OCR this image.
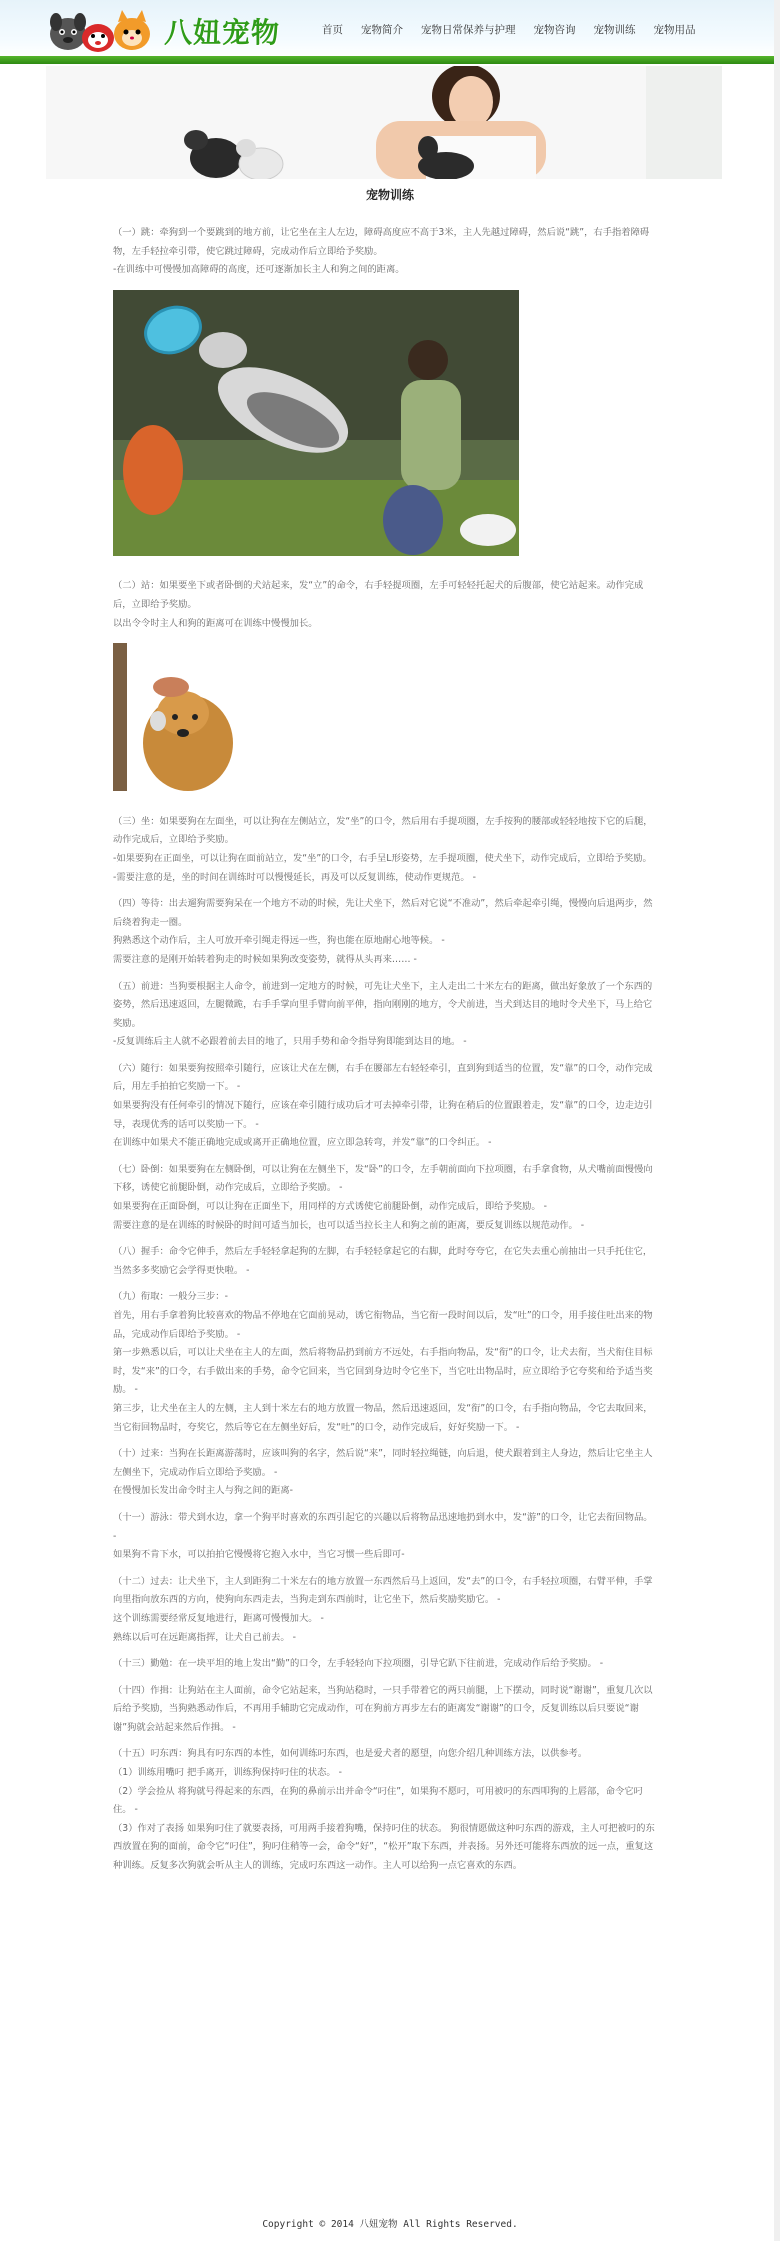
八妞宠物	首页 宠物简介 宠物日常保养与护理 宠物咨询 宠物训练 宠物用品
宠物训练

（一）跳：牵狗到一个要跳到的地方前，让它坐在主人左边，障碍高度应不高于3米，主人先越过障碍，然后说“跳”，右手指着障碍物，左手轻拉牵引带，使它跳过障碍，完成动作后立即给予奖励。

-在训练中可慢慢加高障碍的高度，还可逐渐加长主人和狗之间的距离。

（二）站：如果要坐下或者卧倒的犬站起来，发“立”的命令，右手轻提项圈，左手可轻轻托起犬的后腹部，使它站起来。动作完成后，立即给予奖励。

以出令令时主人和狗的距离可在训练中慢慢加长。

（三）坐：如果要狗在左面坐，可以让狗在左侧站立，发“坐”的口令，然后用右手提项圈，左手按狗的腰部或轻轻地按下它的后腿，动作完成后，立即给予奖励。

-如果要狗在正面坐，可以让狗在面前站立，发“坐”的口令，右手呈L形姿势，左手提项圈，使犬坐下，动作完成后，立即给予奖励。

-需要注意的是，坐的时间在训练时可以慢慢延长，再及可以反复训练，使动作更规范。 -

（四）等待：出去遛狗需要狗呆在一个地方不动的时候，先让犬坐下，然后对它说“不准动”，然后牵起牵引绳，慢慢向后退两步，然后绕着狗走一圈。

狗熟悉这个动作后，主人可放开牵引绳走得远一些，狗也能在原地耐心地等候。 -

需要注意的是刚开始转着狗走的时候如果狗改变姿势，就得从头再来…… -

（五）前进：当狗要根据主人命令，前进到一定地方的时候，可先让犬坐下，主人走出二十米左右的距离，做出好象放了一个东西的姿势，然后迅速返回，左腿微跪，右手手掌向里手臂向前平伸，指向刚刚的地方，令犬前进，当犬到达目的地时令犬坐下，马上给它奖励。

-反复训练后主人就不必跟着前去目的地了，只用手势和命令指导狗即能到达目的地。 -

（六）随行：如果要狗按照牵引随行，应该让犬在左侧，右手在腰部左右轻轻牵引，直到狗到适当的位置，发“靠”的口令，动作完成后，用左手拍拍它奖励一下。 -

如果要狗没有任何牵引的情况下随行，应该在牵引随行成功后才可去掉牵引带，让狗在稍后的位置跟着走，发“靠”的口令，边走边引导，表现优秀的话可以奖励一下。 -

在训练中如果犬不能正确地完成或离开正确地位置，应立即急转弯，并发“靠”的口令纠正。 -

（七）卧倒：如果要狗在左侧卧倒，可以让狗在左侧坐下，发“卧”的口令，左手朝前面向下拉项圈，右手拿食物，从犬嘴前面慢慢向下移，诱使它前腿卧倒，动作完成后，立即给予奖励。 -

如果要狗在正面卧倒，可以让狗在正面坐下，用同样的方式诱使它前腿卧倒，动作完成后，即给予奖励。 -

需要注意的是在训练的时候卧的时间可适当加长，也可以适当拉长主人和狗之前的距离，要反复训练以规范动作。 -

（八）握手：命令它伸手，然后左手轻轻拿起狗的左脚，右手轻轻拿起它的右脚，此时夸夸它，在它失去重心前抽出一只手托住它，当然多多奖励它会学得更快啦。 -

（九）衔取：一般分三步：-

首先，用右手拿着狗比较喜欢的物品不停地在它面前晃动，诱它衔物品，当它衔一段时间以后，发“吐”的口令，用手接住吐出来的物品，完成动作后即给予奖励。 -

第一步熟悉以后，可以让犬坐在主人的左面，然后将物品扔到前方不远处，右手指向物品，发“衔”的口令，让犬去衔，当犬衔住目标时，发“来”的口令，右手做出来的手势，命令它回来，当它回到身边时令它坐下，当它吐出物品时，应立即给予它夸奖和给予适当奖励。 -

第三步，让犬坐在主人的左侧，主人到十米左右的地方放置一物品，然后迅速返回，发“衔”的口令，右手指向物品，令它去取回来，当它衔回物品时，夸奖它，然后等它在左侧坐好后，发“吐”的口令，动作完成后，好好奖励一下。 -

（十）过来：当狗在长距离游荡时，应该叫狗的名字，然后说“来”，同时轻拉绳链，向后退，使犬跟着到主人身边，然后让它坐主人左侧坐下，完成动作后立即给予奖励。 -

在慢慢加长发出命令时主人与狗之间的距离-

（十一）游泳：带犬到水边，拿一个狗平时喜欢的东西引起它的兴趣以后将物品迅速地扔到水中，发“游”的口令，让它去衔回物品。 -

如果狗不肯下水，可以拍拍它慢慢将它抱入水中，当它习惯一些后即可-

（十二）过去：让犬坐下，主人到距狗二十米左右的地方放置一东西然后马上返回，发“去”的口令，右手轻拉项圈，右臂平伸，手掌向里指向放东西的方向，使狗向东西走去，当狗走到东西前时，让它坐下，然后奖励奖励它。 -

这个训练需要经常反复地进行，距离可慢慢加大。 -

熟练以后可在远距离指挥，让犬自己前去。 -

（十三）勤勉：在一块平坦的地上发出“勤”的口令，左手轻轻向下拉项圈，引导它趴下往前进，完成动作后给予奖励。 -

（十四）作揖：让狗站在主人面前，命令它站起来，当狗站稳时，一只手带着它的两只前腿，上下摆动，同时说“谢谢”，重复几次以后给予奖励，当狗熟悉动作后，不再用手辅助它完成动作，可在狗前方再步左右的距离发“谢谢”的口令，反复训练以后只要说“谢谢”狗就会站起来然后作揖。 -

（十五）叼东西：狗具有叼东西的本性，如何训练叼东西，也是爱犬者的愿望，向您介绍几种训练方法，以供参考。

（1）训练用嘴叼 把手离开，训练狗保持叼住的状态。 -

（2）学会捡从 将狗就号得起来的东西，在狗的鼻前示出并命令“叼住”，如果狗不愿叼，可用被叼的东西叩狗的上唇部，命令它叼住。 -

（3）作对了表扬 如果狗叼住了就要表扬，可用两手接着狗嘴，保持叼住的状态。 狗很情愿做这种叼东西的游戏，主人可把被叼的东西放置在狗的面前，命令它“叼住”，狗叼住稍等一会，命令“好”，“松开”取下东西，并表扬。另外还可能将东西放的远一点，重复这种训练。反复多次狗就会听从主人的训练，完成叼东西这一动作。主人可以给狗一点它喜欢的东西。

Copyright © 2014 八妞宠物 All Rights Reserved.
